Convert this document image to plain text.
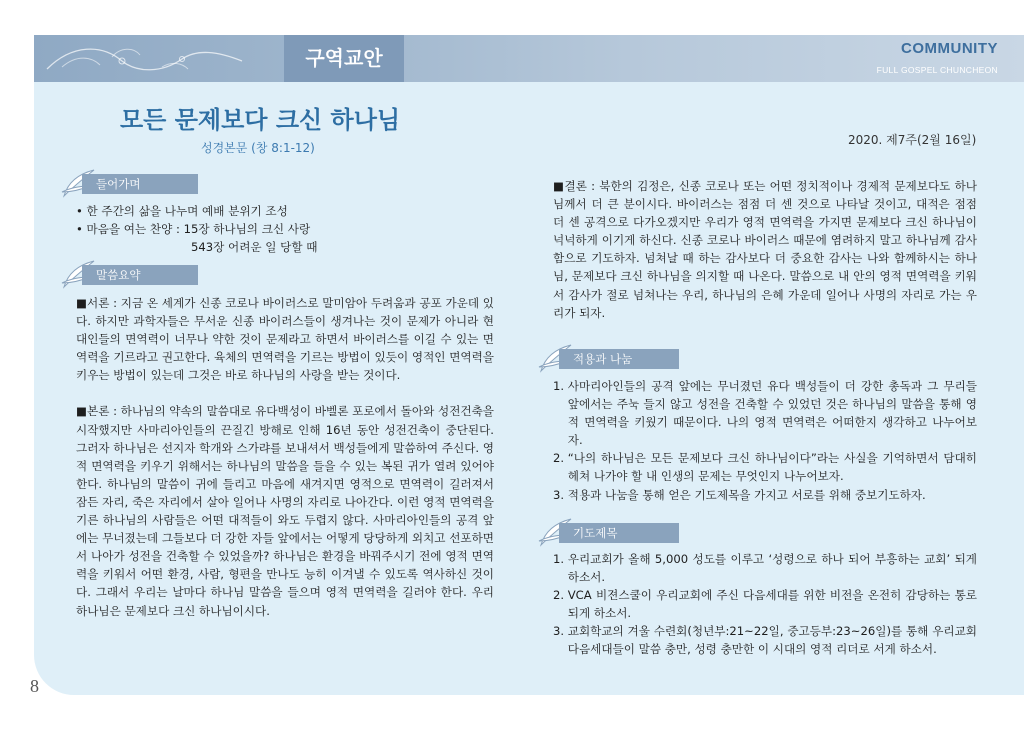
구역교안	COMMUNITY
FULL GOSPEL CHUNCHEON
8
모든 문제보다 크신 하나님
성경본문 (창 8:1-12)
2020. 제7주(2월 16일)
들어가며
• 한 주간의 삶을 나누며 예배 분위기 조성
• 마음을 여는 찬양 : 15장 하나님의 크신 사랑
543장 어려운 일 당할 때
말씀요약

■서론 : 지금 온 세계가 신종 코로나 바이러스로 말미암아 두려움과 공포 가운데 있다. 하지만 과학자들은 무서운 신종 바이러스들이 생겨나는 것이 문제가 아니라 현대인들의 면역력이 너무나 약한 것이 문제라고 하면서 바이러스를 이길 수 있는 면역력을 기르라고 권고한다. 육체의 면역력을 기르는 방법이 있듯이 영적인 면역력을 키우는 방법이 있는데 그것은 바로 하나님의 사랑을 받는 것이다.

■본론 : 하나님의 약속의 말씀대로 유다백성이 바벨론 포로에서 돌아와 성전건축을 시작했지만 사마리아인들의 끈질긴 방해로 인해 16년 동안 성전건축이 중단된다. 그러자 하나님은 선지자 학개와 스가랴를 보내셔서 백성들에게 말씀하여 주신다. 영적 면역력을 키우기 위해서는 하나님의 말씀을 들을 수 있는 복된 귀가 열려 있어야 한다. 하나님의 말씀이 귀에 들리고 마음에 새겨지면 영적으로 면역력이 길러져서 잠든 자리, 죽은 자리에서 살아 일어나 사명의 자리로 나아간다. 이런 영적 면역력을 기른 하나님의 사람들은 어떤 대적들이 와도 두렵지 않다. 사마리아인들의 공격 앞에는 무너졌는데 그들보다 더 강한 자들 앞에서는 어떻게 당당하게 외치고 선포하면서 나아가 성전을 건축할 수 있었을까? 하나님은 환경을 바꿔주시기 전에 영적 면역력을 키워서 어떤 환경, 사람, 형편을 만나도 능히 이겨낼 수 있도록 역사하신 것이다. 그래서 우리는 날마다 하나님 말씀을 들으며 영적 면역력을 길러야 한다. 우리 하나님은 문제보다 크신 하나님이시다.

■결론 : 북한의 김정은, 신종 코로나 또는 어떤 정치적이나 경제적 문제보다도 하나님께서 더 큰 분이시다. 바이러스는 점점 더 센 것으로 나타날 것이고, 대적은 점점 더 센 공격으로 다가오겠지만 우리가 영적 면역력을 가지면 문제보다 크신 하나님이 넉넉하게 이기게 하신다. 신종 코로나 바이러스 때문에 염려하지 말고 하나님께 감사함으로 기도하자. 넘쳐날 때 하는 감사보다 더 중요한 감사는 나와 함께하시는 하나님, 문제보다 크신 하나님을 의지할 때 나온다. 말씀으로 내 안의 영적 면역력을 키워서 감사가 절로 넘쳐나는 우리, 하나님의 은혜 가운데 일어나 사명의 자리로 가는 우리가 되자.

적용과 나눔
1.
사마리아인들의 공격 앞에는 무너졌던 유다 백성들이 더 강한 총독과 그 무리들 앞에서는 주눅 들지 않고 성전을 건축할 수 있었던 것은 하나님의 말씀을 통해 영적 면역력을 키웠기 때문이다. 나의 영적 면역력은 어떠한지 생각하고 나누어보자.
2.
“나의 하나님은 모든 문제보다 크신 하나님이다”라는 사실을 기억하면서 담대히 헤쳐 나가야 할 내 인생의 문제는 무엇인지 나누어보자.
3.
적용과 나눔을 통해 얻은 기도제목을 가지고 서로를 위해 중보기도하자.
기도제목
1.
우리교회가 올해 5,000 성도를 이루고 ‘성령으로 하나 되어 부흥하는 교회’ 되게 하소서.
2.
VCA 비젼스쿨이 우리교회에 주신 다음세대를 위한 비전을 온전히 감당하는 통로 되게 하소서.
3.
교회학교의 겨울 수련회(청년부:21~22일, 중고등부:23~26일)를 통해 우리교회 다음세대들이 말씀 충만, 성령 충만한 이 시대의 영적 리더로 서게 하소서.
